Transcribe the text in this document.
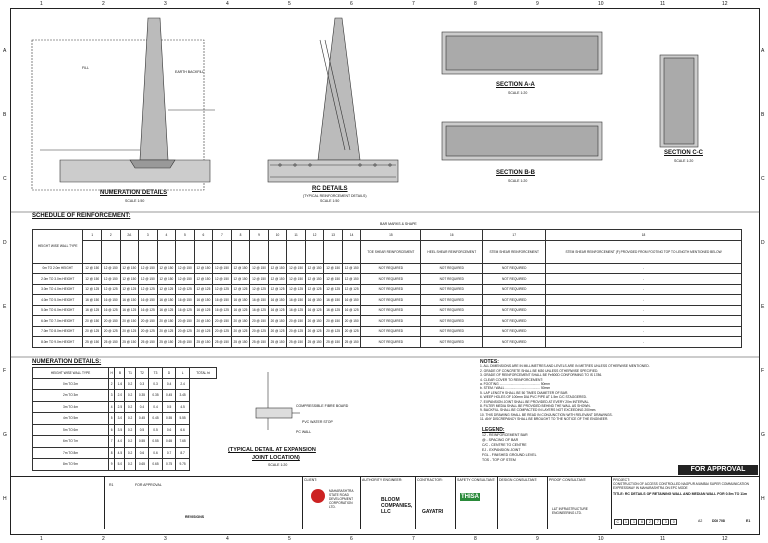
1	2	3	4	5	6	7	8	9	10	11	12
1	2	3	4	5	6	7	8	9	10	11	12
A
B
C
D
E
F
G
H
A
B
C
D
E
F
G
H
NUMERATION DETAILS
SCALE 1:50
RC DETAILS
(TYPICAL REINFORCEMENT DETAILS)
SCALE 1:50
SECTION A-A
SCALE 1:20
SECTION B-B
SCALE 1:20
SECTION C-C
SCALE 1:20
FILL
EARTH BACKFILL
(TYPICAL DETAIL AT EXPANSION
JOINT LOCATION)
SCALE 1:20
COMPRESSIBLE FIBRE BOARD
PVC WATER STOP
PC WALL
SCHEDULE OF REINFORCEMENT:
BAR MARKS & SHAPE
HEIGHT WISE WALL TYPE	1	2	2A	3	4	5	6	7	8	9	10	11	12	13	14	15	16	17	18
																TOE SHEAR REINFORCEMENT	HEEL SHEAR REINFORCEMENT	STEM SHEAR REINFORCEMENT	STEM SHEAR REINFORCEMENT (F) PROVIDED FROM FOOTING TOP TO LENGTH MENTIONED BELOW
0m TO 2.0m HEIGHT	12 @ 150	12 @ 150	12 @ 150	12 @ 150	12 @ 150	12 @ 150	12 @ 150	12 @ 150	12 @ 150	12 @ 150	12 @ 150	12 @ 150	12 @ 150	12 @ 150	12 @ 150	NOT REQUIRED	NOT REQUIRED	NOT REQUIRED	-
2.0m TO 3.0m HEIGHT	12 @ 150	12 @ 150	12 @ 150	12 @ 150	12 @ 150	12 @ 150	12 @ 150	12 @ 150	12 @ 150	12 @ 150	12 @ 150	12 @ 150	12 @ 150	12 @ 150	12 @ 150	NOT REQUIRED	NOT REQUIRED	NOT REQUIRED	-
3.0m TO 4.0m HEIGHT	12 @ 125	12 @ 125	12 @ 125	12 @ 125	12 @ 125	12 @ 125	12 @ 125	12 @ 125	12 @ 125	12 @ 125	12 @ 125	12 @ 125	12 @ 125	12 @ 125	12 @ 125	NOT REQUIRED	NOT REQUIRED	NOT REQUIRED	-
4.0m TO 5.0m HEIGHT	16 @ 150	16 @ 150	16 @ 150	16 @ 150	16 @ 150	16 @ 150	16 @ 150	16 @ 150	16 @ 150	16 @ 150	16 @ 150	16 @ 150	16 @ 150	16 @ 150	16 @ 150	NOT REQUIRED	NOT REQUIRED	NOT REQUIRED	-
5.0m TO 6.0m HEIGHT	16 @ 125	16 @ 125	16 @ 125	16 @ 125	16 @ 125	16 @ 125	16 @ 125	16 @ 125	16 @ 125	16 @ 125	16 @ 125	16 @ 125	16 @ 125	16 @ 125	16 @ 125	NOT REQUIRED	NOT REQUIRED	NOT REQUIRED	-
6.0m TO 7.0m HEIGHT	20 @ 150	20 @ 150	20 @ 150	20 @ 150	20 @ 150	20 @ 150	20 @ 150	20 @ 150	20 @ 150	20 @ 150	20 @ 150	20 @ 150	20 @ 150	20 @ 150	20 @ 150	NOT REQUIRED	NOT REQUIRED	NOT REQUIRED	-
7.0m TO 8.0m HEIGHT	20 @ 125	20 @ 125	20 @ 125	20 @ 125	20 @ 125	20 @ 125	20 @ 125	20 @ 125	20 @ 125	20 @ 125	20 @ 125	20 @ 125	20 @ 125	20 @ 125	20 @ 125	NOT REQUIRED	NOT REQUIRED	NOT REQUIRED	-
8.0m TO 9.0m HEIGHT	25 @ 150	25 @ 150	25 @ 150	25 @ 150	25 @ 150	25 @ 150	25 @ 150	25 @ 150	25 @ 150	25 @ 150	25 @ 150	25 @ 150	25 @ 150	25 @ 150	25 @ 150	NOT REQUIRED	NOT REQUIRED	NOT REQUIRED	-
NUMERATION DETAILS:
HEIGHT WISE WALL TYPE	H	B	T1	T2	T3	D	L	TOTAL ht
0m TO 2m	2	1.6	0.2	0.3	0.3	0.4	2.4	
2m TO 3m	3	2.0	0.2	0.35	0.35	0.45	3.45	
3m TO 4m	4	2.5	0.2	0.4	0.4	0.5	4.5	
4m TO 5m	5	3.0	0.2	0.45	0.45	0.55	5.55	
5m TO 6m	6	3.5	0.2	0.5	0.5	0.6	6.6	
6m TO 7m	7	4.0	0.2	0.55	0.55	0.65	7.65	
7m TO 8m	8	4.5	0.2	0.6	0.6	0.7	8.7	
8m TO 9m	9	5.0	0.2	0.65	0.65	0.75	9.75	
NOTES:
1. ALL DIMENSIONS ARE IN MILLIMETRES AND LEVELS ARE IN METRES UNLESS OTHERWISE MENTIONED.
2. GRADE OF CONCRETE SHALL BE M30 UNLESS OTHERWISE SPECIFIED.
3. GRADE OF REINFORCEMENT SHALL BE Fe500D CONFORMING TO IS 1786.
4. CLEAR COVER TO REINFORCEMENT:
a. FOOTING ............................................ 50mm
b. STEM / WALL ...................................... 50mm
5. LAP LENGTH SHALL BE 50 TIMES DIAMETER OF BAR.
6. WEEP HOLES OF 100mm DIA PVC PIPE AT 1.5m C/C STAGGERED.
7. EXPANSION JOINT SHALL BE PROVIDED AT EVERY 20m INTERVAL.
8. FILTER MEDIA SHALL BE PROVIDED BEHIND THE WALL AS SHOWN.
9. BACKFILL SHALL BE COMPACTED IN LAYERS NOT EXCEEDING 200mm.
10. THIS DRAWING SHALL BE READ IN CONJUNCTION WITH RELEVANT DRAWINGS.
11. ANY DISCREPANCY SHALL BE BROUGHT TO THE NOTICE OF THE ENGINEER.
LEGEND:
12 - REINFORCEMENT BAR
@ - SPACING OF BAR
C/C - CENTRE TO CENTRE
EJ - EXPANSION JOINT
FGL - FINISHED GROUND LEVEL
TOS - TOP OF STEM
FOR APPROVAL
R1	FOR APPROVAL
REVISIONS
CLIENT:
MAHARASHTRA STATE ROAD DEVELOPMENT CORPORATION LTD.
AUTHORITY ENGINEER:
BLOOM COMPANIES, LLC
CONTRACTOR:
GAYATRI
SAFETY CONSULTANT:
THISA
DESIGN CONSULTANT:	PROOF CONSULTANT:
L&T INFRASTRUCTURE ENGINEERING LTD.
PROJECT:
CONSTRUCTION OF ACCESS CONTROLLED NAGPUR-MUMBAI SUPER COMMUNICATION EXPRESSWAY IN MAHARASHTRA ON EPC MODE
TITLE: RC DETAILS OF RETAINING WALL AND MEDIAN WALL FOR 0.5m TO 11m
C	1	1	6	2	7	3	0	A2	DDI 708	E1
